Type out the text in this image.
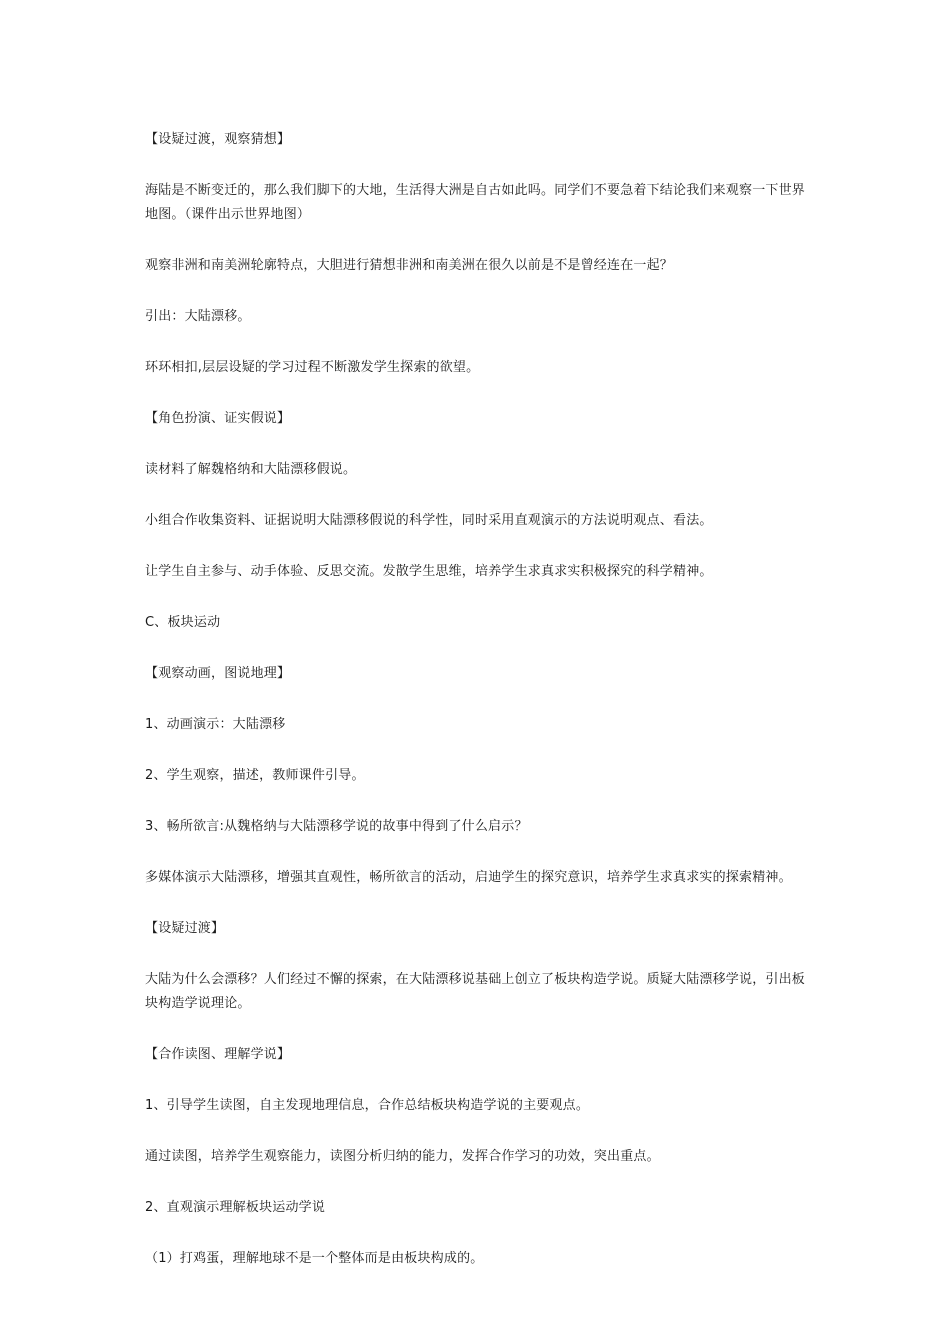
【设疑过渡，观察猜想】

海陆是不断变迁的，那么我们脚下的大地，生活得大洲是自古如此吗。同学们不要急着下结论我们来观察一下世界地图。（课件出示世界地图）

观察非洲和南美洲轮廓特点，大胆进行猜想非洲和南美洲在很久以前是不是曾经连在一起？

引出：大陆漂移。

环环相扣,层层设疑的学习过程不断激发学生探索的欲望。

【角色扮演、证实假说】

读材料了解魏格纳和大陆漂移假说。

小组合作收集资料、证据说明大陆漂移假说的科学性，同时采用直观演示的方法说明观点、看法。

让学生自主参与、动手体验、反思交流。发散学生思维，培养学生求真求实积极探究的科学精神。

C、板块运动

【观察动画，图说地理】

1、动画演示：大陆漂移

2、学生观察，描述，教师课件引导。

3、畅所欲言:从魏格纳与大陆漂移学说的故事中得到了什么启示？

多媒体演示大陆漂移，增强其直观性，畅所欲言的活动，启迪学生的探究意识，培养学生求真求实的探索精神。

【设疑过渡】

大陆为什么会漂移？人们经过不懈的探索，在大陆漂移说基础上创立了板块构造学说。质疑大陆漂移学说，引出板块构造学说理论。

【合作读图、理解学说】

1、引导学生读图，自主发现地理信息，合作总结板块构造学说的主要观点。

通过读图，培养学生观察能力，读图分析归纳的能力，发挥合作学习的功效，突出重点。

2、直观演示理解板块运动学说

（1）打鸡蛋，理解地球不是一个整体而是由板块构成的。
